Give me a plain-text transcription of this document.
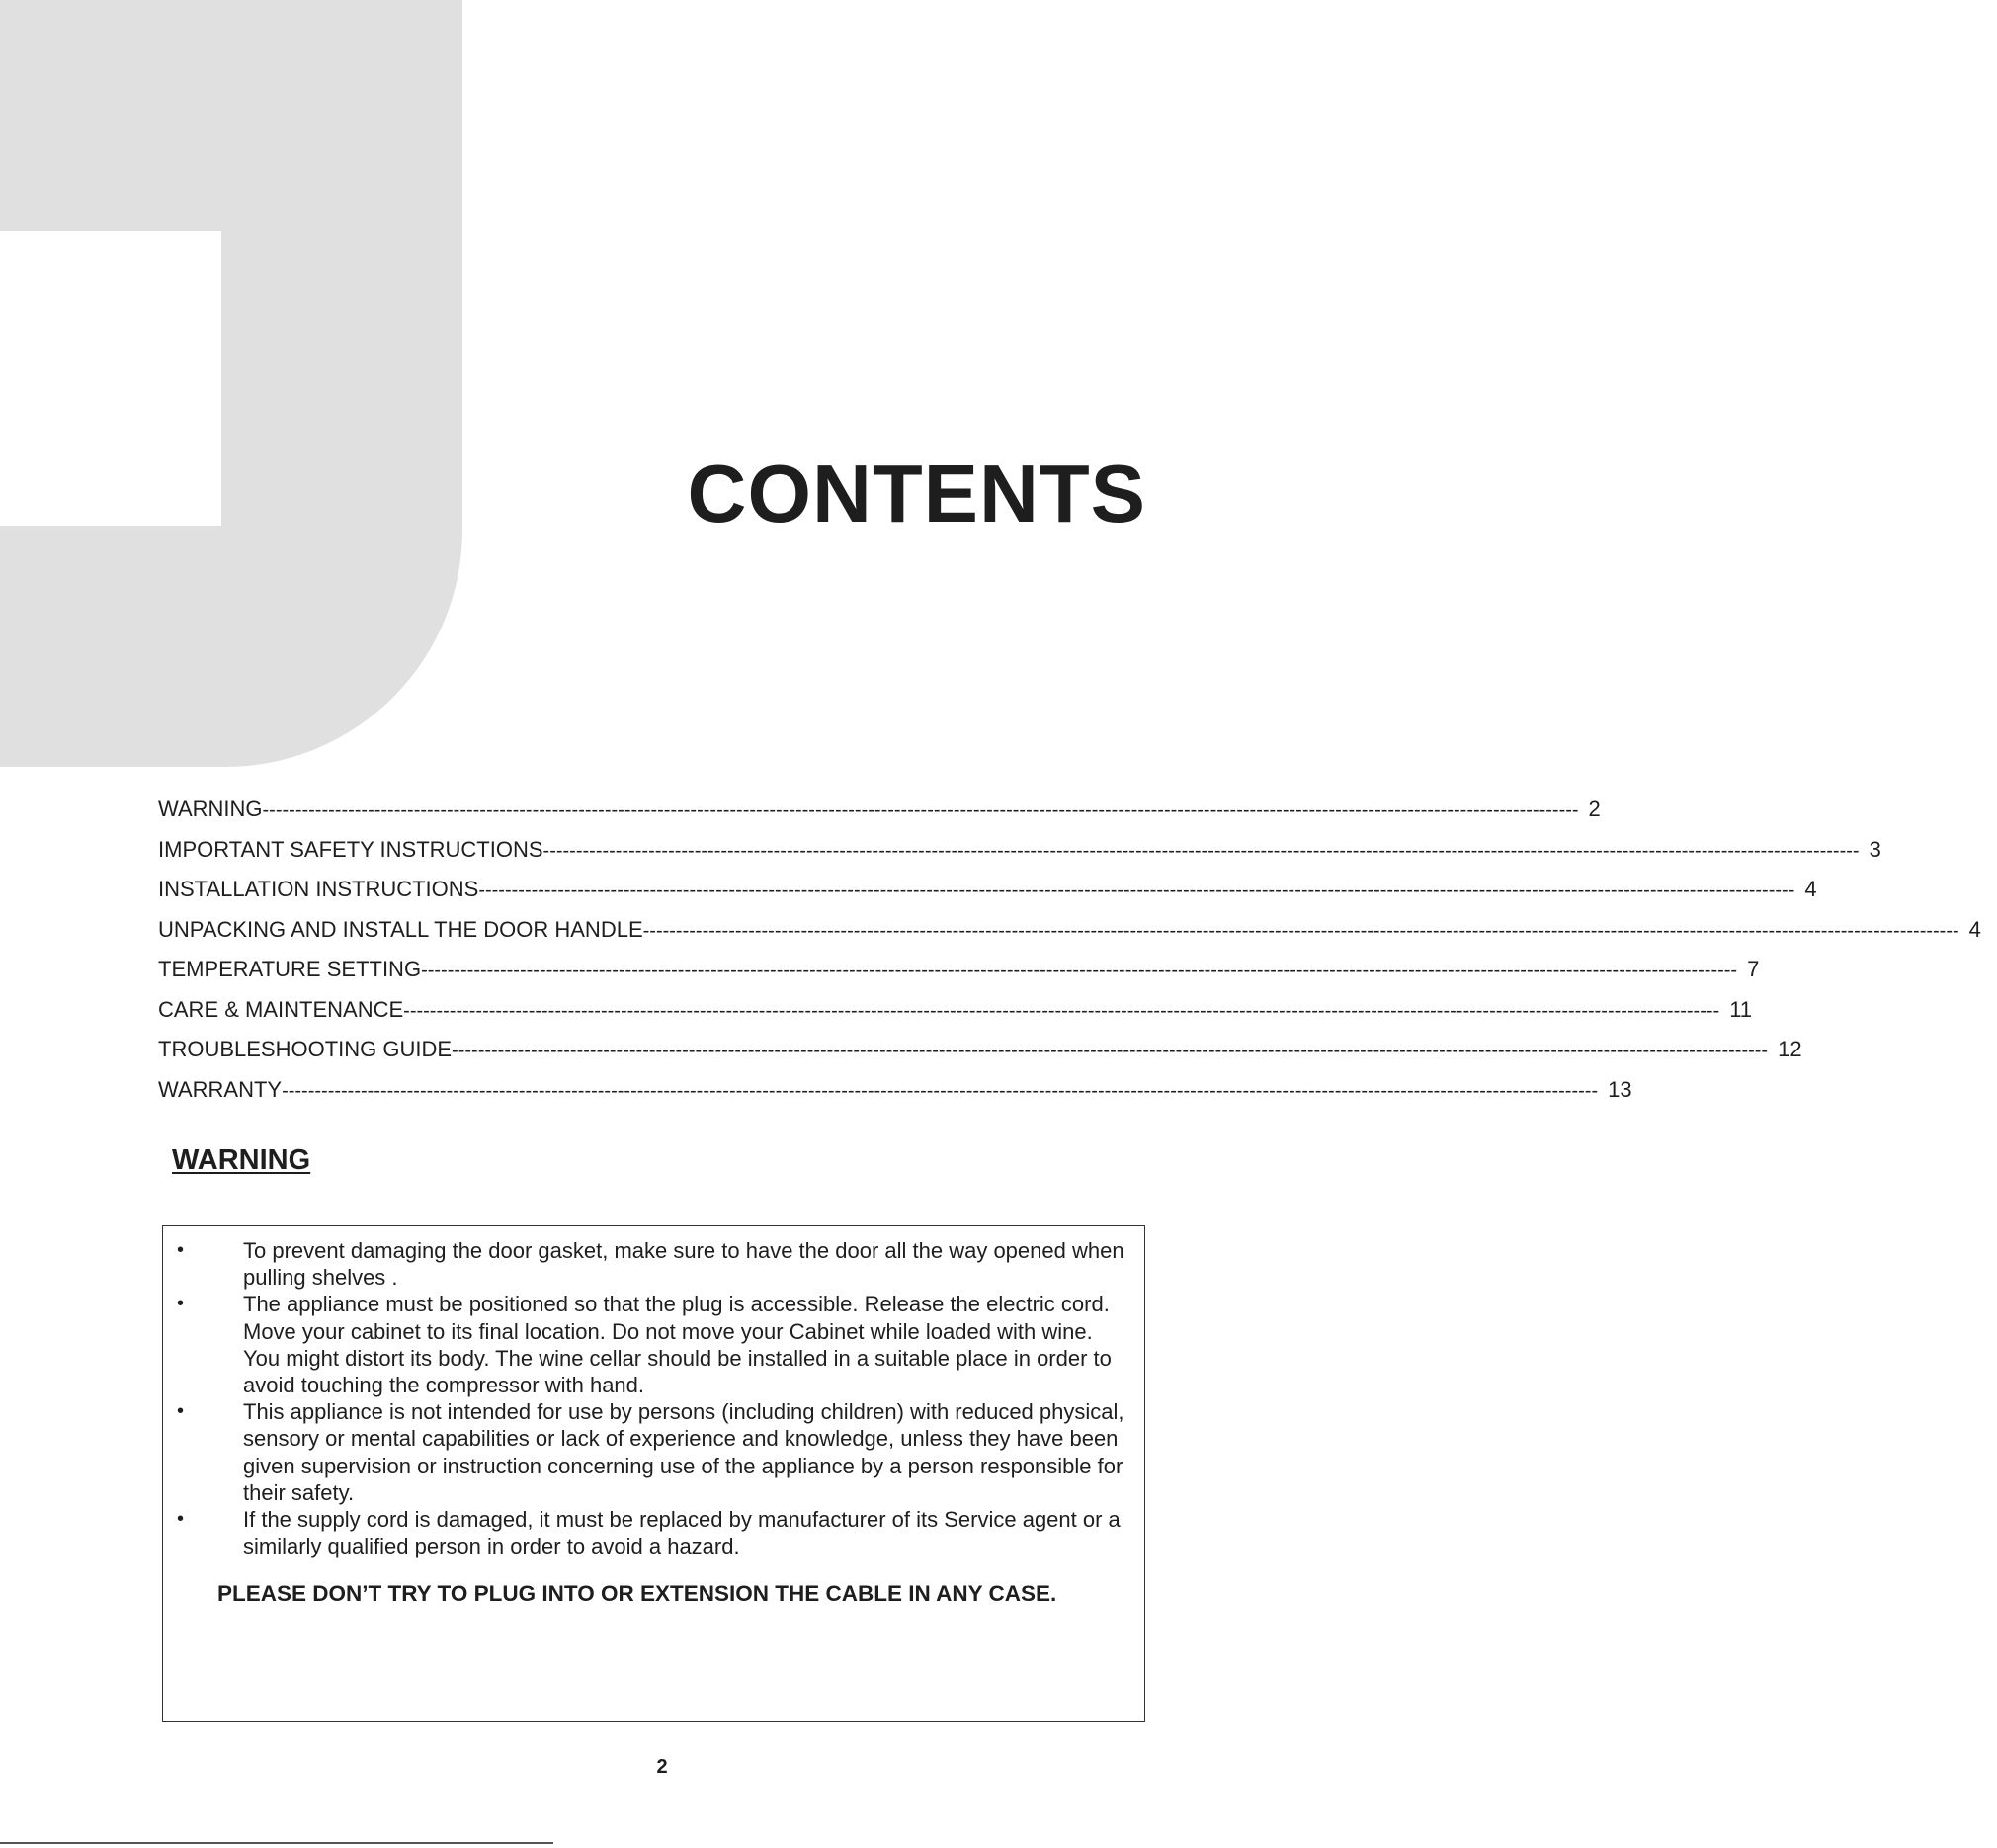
CONTENTS
WARNING -------------------------------------------------------------------------------------------------------------------------------------------------------------------------------------------------------- 2
IMPORTANT SAFETY INSTRUCTIONS -------------------------------------------------------------------------------------------------------------------------------------------------------------------------------------------------------- 3
INSTALLATION INSTRUCTIONS -------------------------------------------------------------------------------------------------------------------------------------------------------------------------------------------------------- 4
UNPACKING AND INSTALL THE DOOR HANDLE -------------------------------------------------------------------------------------------------------------------------------------------------------------------------------------------------------- 4
TEMPERATURE SETTING -------------------------------------------------------------------------------------------------------------------------------------------------------------------------------------------------------- 7
CARE & MAINTENANCE -------------------------------------------------------------------------------------------------------------------------------------------------------------------------------------------------------- 11
TROUBLESHOOTING GUIDE -------------------------------------------------------------------------------------------------------------------------------------------------------------------------------------------------------- 12
WARRANTY -------------------------------------------------------------------------------------------------------------------------------------------------------------------------------------------------------- 13
WARNING
•	To prevent damaging the door gasket, make sure to have the door all the way opened when pulling shelves .
•	The appliance must be positioned so that the plug is accessible. Release the electric cord. Move your cabinet to its final location. Do not move your Cabinet while loaded with wine. You might distort its body. The wine cellar should be installed in a suitable place in order to avoid touching the compressor with hand.
•	This appliance is not intended for use by persons (including children) with reduced physical, sensory or mental capabilities or lack of experience and knowledge, unless they have been given supervision or instruction concerning use of the appliance by a person responsible for their safety.
•	If the supply cord is damaged, it must be replaced by manufacturer of its Service agent or a similarly qualified person in order to avoid a hazard.
PLEASE DON’T TRY TO PLUG INTO OR EXTENSION THE CABLE IN ANY CASE.
2
